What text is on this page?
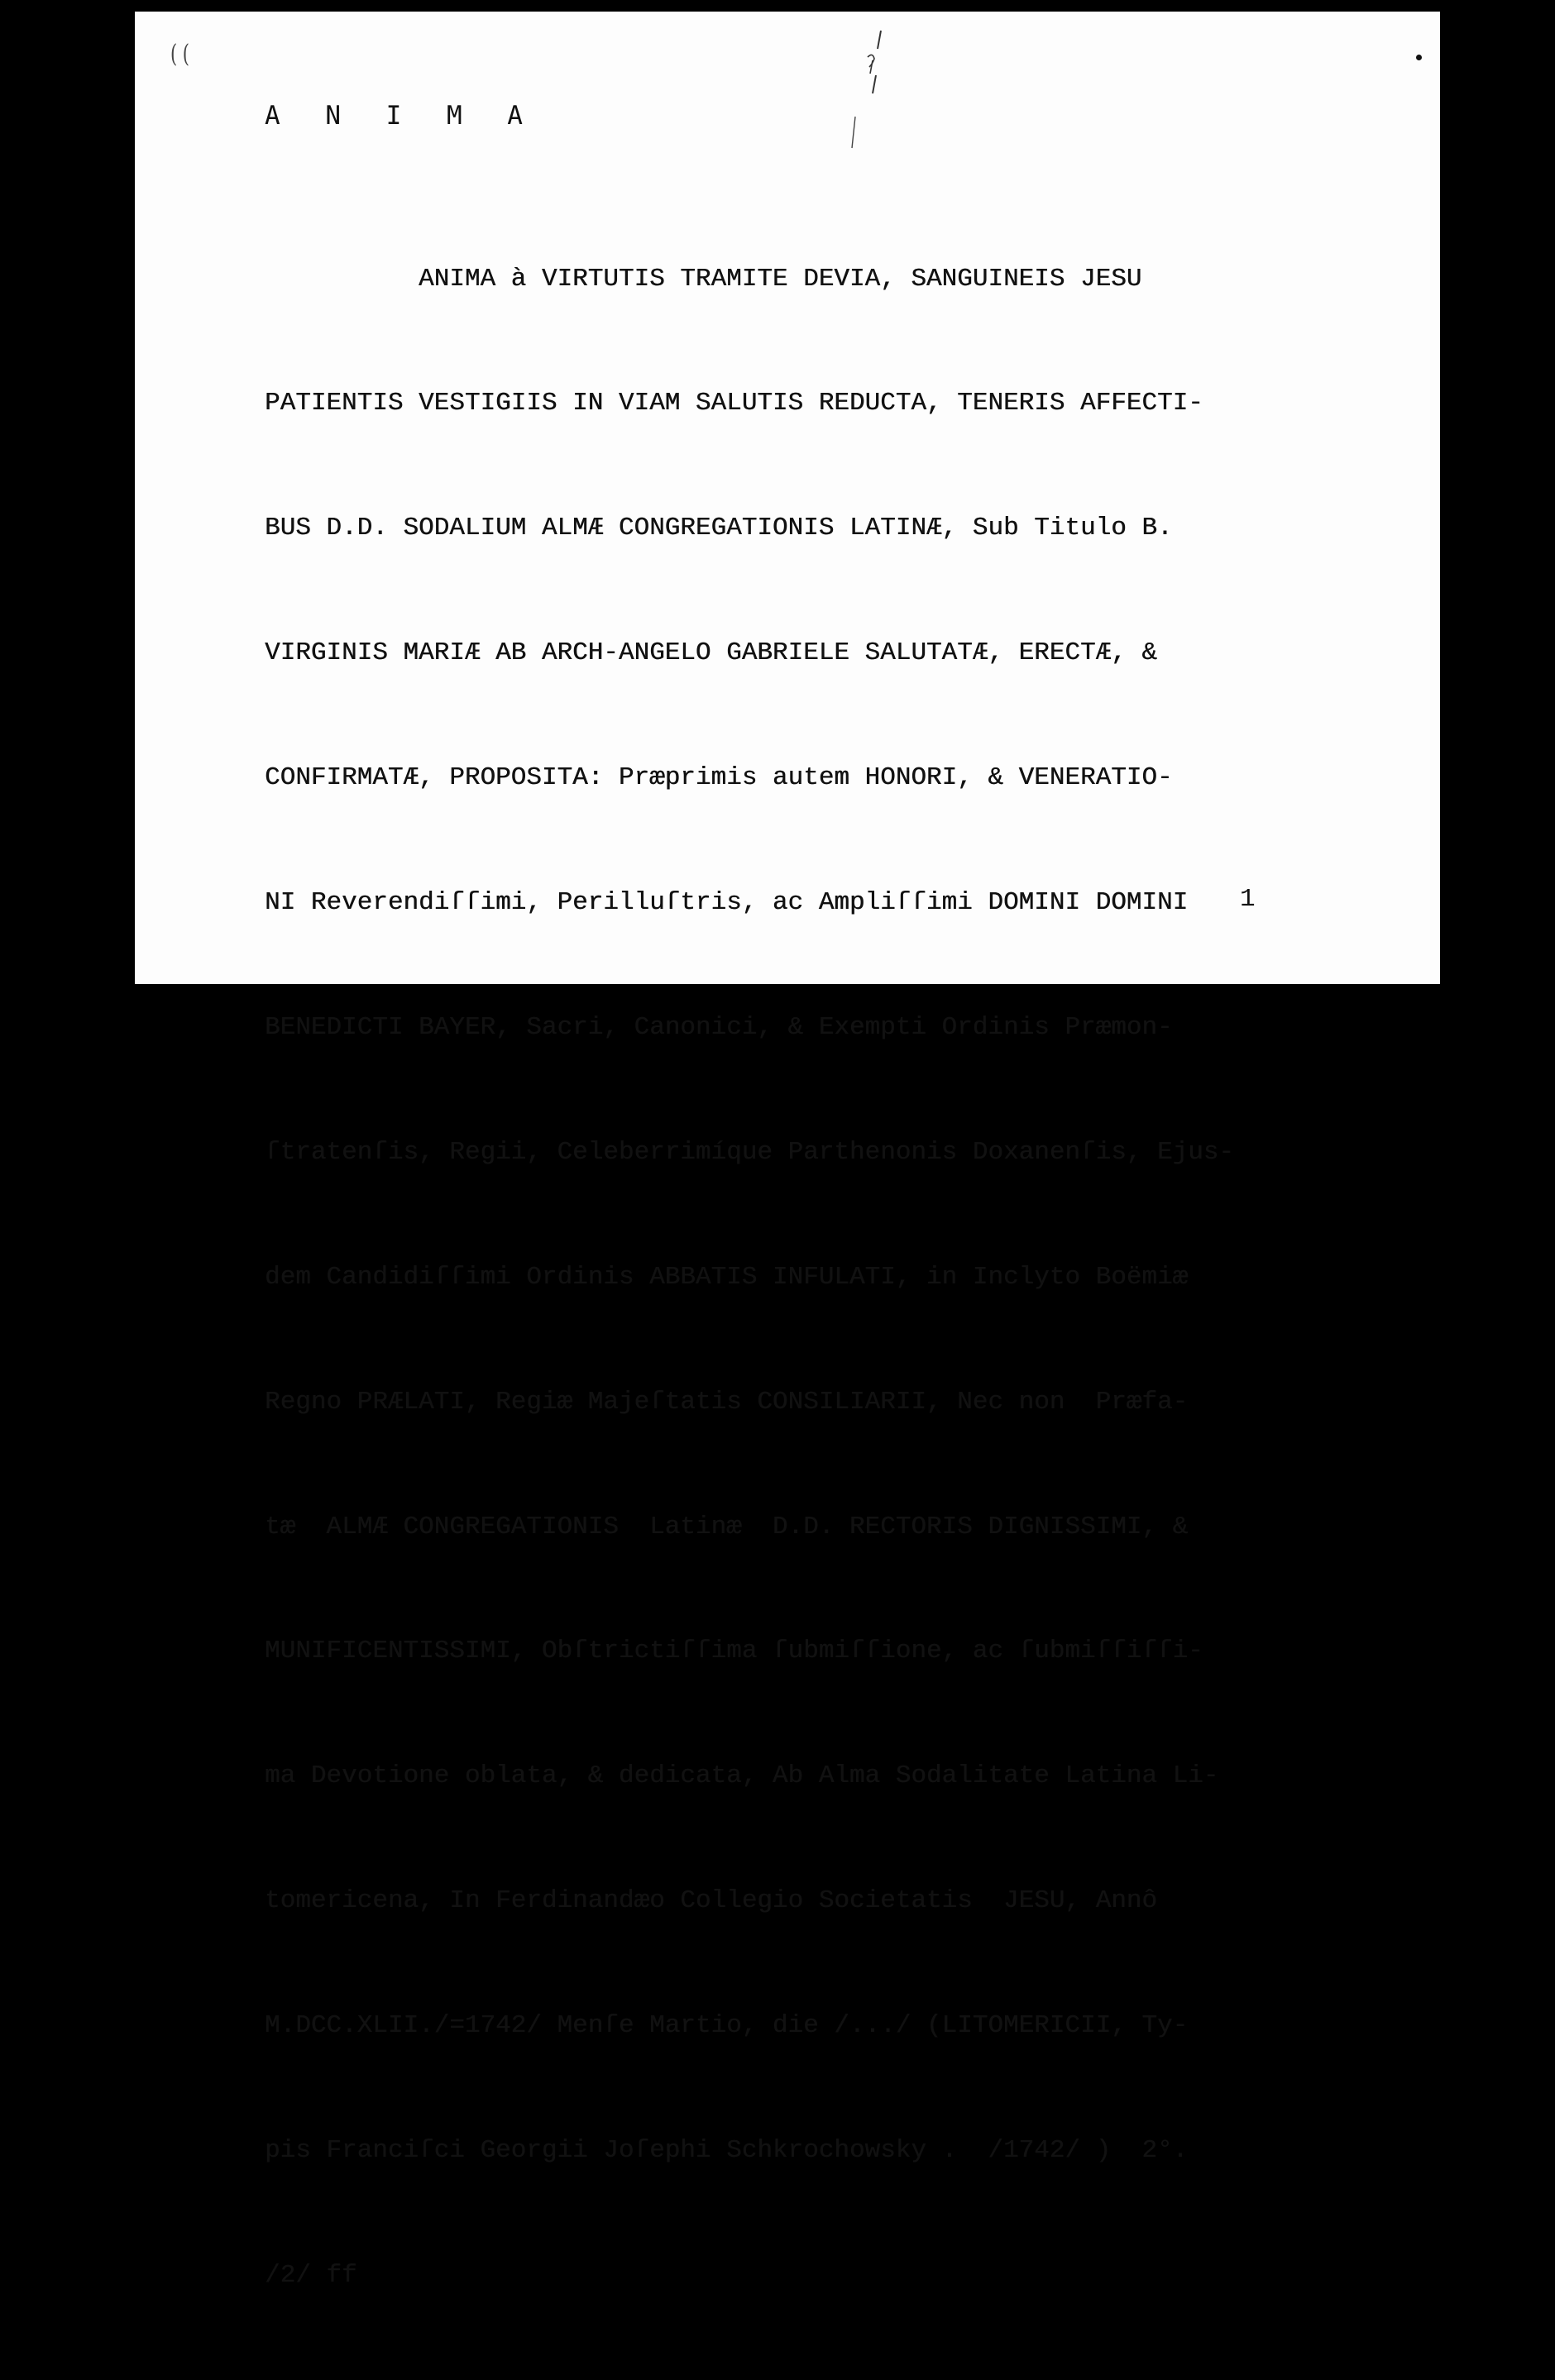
( (
A N I M A

ANIMA à VIRTUTIS TRAMITE DEVIA, SANGUINEIS JESU

PATIENTIS VESTIGIIS IN VIAM SALUTIS REDUCTA, TENERIS AFFECTI-

BUS D.D. SODALIUM ALMÆ CONGREGATIONIS LATINÆ, Sub Titulo B.

VIRGINIS MARIÆ AB ARCH-ANGELO GABRIELE SALUTATÆ, ERECTÆ, &

CONFIRMATÆ, PROPOSITA: Præprimis autem HONORI, & VENERATIO-

NI Reverendiſſimi, Perilluſtris, ac Ampliſſimi DOMINI DOMINI

BENEDICTI BAYER, Sacri, Canonici, & Exempti Ordinis Præmon-

ſtratenſis, Regii, Celeberrimíque Parthenonis Doxanenſis, Ejus-

dem Candidiſſimi Ordinis ABBATIS INFULATI, in Inclyto Boëmiæ

Regno PRÆLATI, Regiæ Majeſtatis CONSILIARII, Nec non  Præfa-

tæ  ALMÆ CONGREGATIONIS  Latinæ  D.D. RECTORIS DIGNISSIMI, &

MUNIFICENTISSIMI, Obſtrictiſſima ſubmiſſione, ac ſubmiſſiſſi-

ma Devotione oblata, & dedicata, Ab Alma Sodalitate Latina Li-

tomericena, In Ferdinandæo Collegio Societatis  JESU, Annô

M.DCC.XLII./=1742/ Menſe Martio, die /.../ (LITOMERICII, Ty-

pis Franciſci Georgii Joſephi Schkrochowsky .  /1742/ )  2°.

/2/ ff

1
